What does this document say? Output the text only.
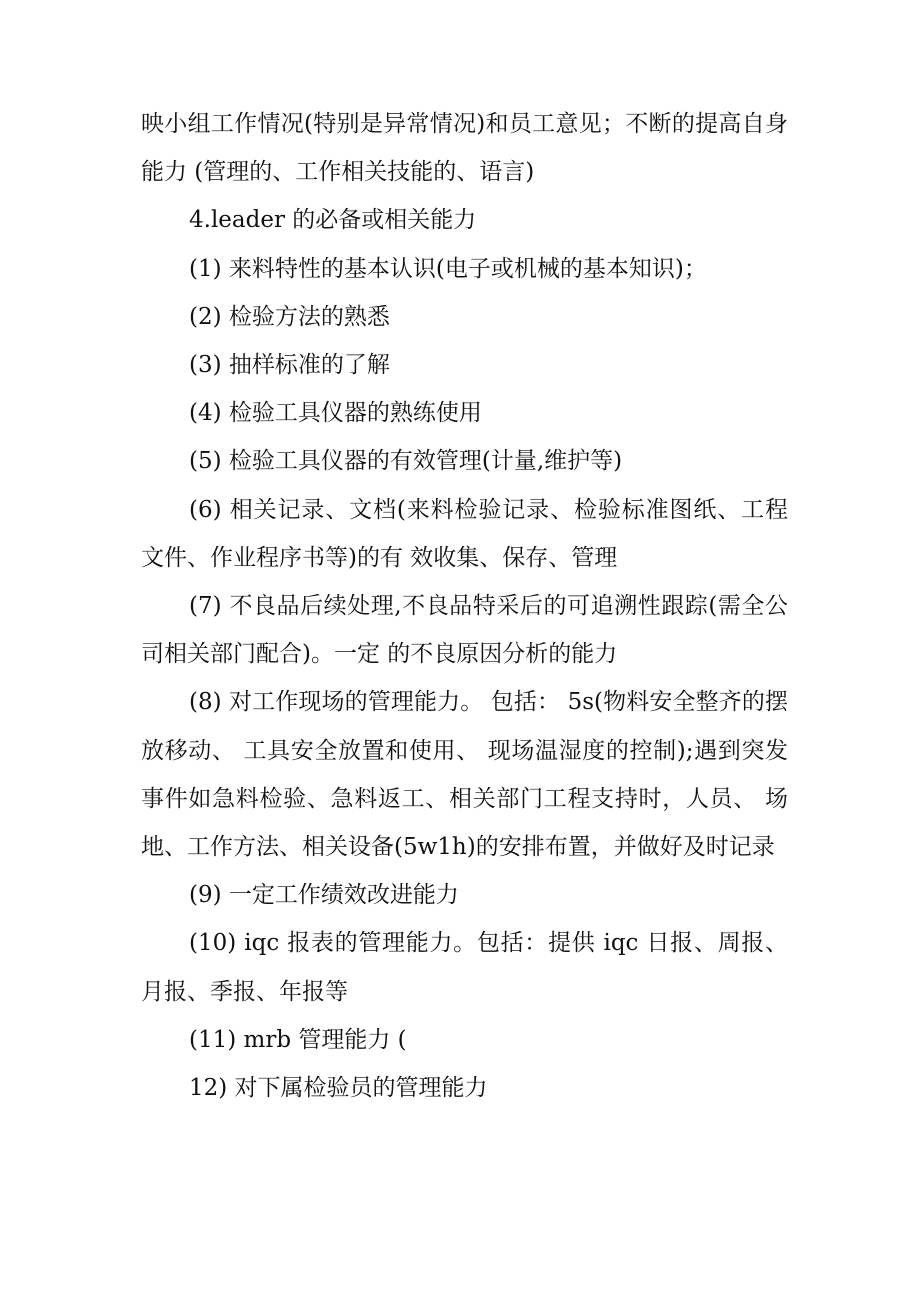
映小组工作情况(特别是异常情况)和员工意见；不断的提高自身能力 (管理的、工作相关技能的、语言)

4.leader 的必备或相关能力

(1) 来料特性的基本认识(电子或机械的基本知识)；

(2) 检验方法的熟悉

(3) 抽样标准的了解

(4) 检验工具仪器的熟练使用

(5) 检验工具仪器的有效管理(计量,维护等)

(6) 相关记录、文档(来料检验记录、检验标准图纸、工程文件、作业程序书等)的有 效收集、保存、管理

(7) 不良品后续处理,不良品特采后的可追溯性跟踪(需全公司相关部门配合)。一定 的不良原因分析的能力

(8) 对工作现场的管理能力。 包括： 5s(物料安全整齐的摆放移动、 工具安全放置和使用、 现场温湿度的控制);遇到突发事件如急料检验、急料返工、相关部门工程支持时，人员、 场地、工作方法、相关设备(5w1h)的安排布置，并做好及时记录

(9) 一定工作绩效改进能力

(10) iqc 报表的管理能力。包括：提供 iqc 日报、周报、月报、季报、年报等

(11) mrb 管理能力 (

12) 对下属检验员的管理能力
